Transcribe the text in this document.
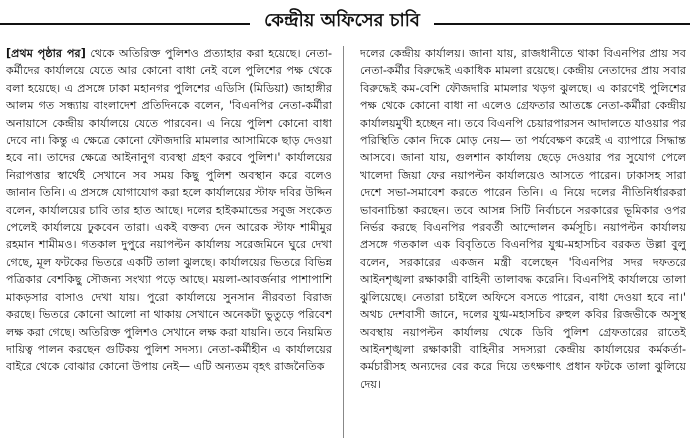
কেন্দ্রীয় অফিসের চাবি

[প্রথম পৃষ্ঠার পর] থেকে অতিরিক্ত পুলিশও প্রত্যাহার করা হয়েছে। নেতা-কর্মীদের কার্যালয়ে যেতে আর কোনো বাধা নেই বলে পুলিশের পক্ষ থেকে বলা হয়েছে। এ প্রসঙ্গে ঢাকা মহানগর পুলিশের এডিসি (মিডিয়া) জাহাঙ্গীর আলম গত সন্ধ্যায় বাংলাদেশ প্রতিদিনকে বলেন, 'বিএনপির নেতা-কর্মীরা অনায়াসে কেন্দ্রীয় কার্যালয়ে যেতে পারবেন। এ নিয়ে পুলিশ কোনো বাধা দেবে না। কিন্তু এ ক্ষেত্রে কোনো ফৌজদারি মামলার আসামিকে ছাড় দেওয়া হবে না। তাদের ক্ষেত্রে আইনানুগ ব্যবস্থা গ্রহণ করবে পুলিশ।' কার্যালয়ের নিরাপত্তার স্বার্থেই সেখানে সব সময় কিছু পুলিশ অবস্থান করে বলেও জানান তিনি। এ প্রসঙ্গে যোগাযোগ করা হলে কার্যালয়ের স্টাফ দবির উদ্দিন বলেন, কার্যালয়ের চাবি তার হাত আছে। দলের হাইকমান্ডের সবুজ সংকেত পেলেই কার্যালয়ে ঢুকবেন তারা। একই বক্তব্য দেন আরেক স্টাফ শামীমুর রহমান শামীমও। গতকাল দুপুরে নয়াপল্টন কার্যালয় সরেজমিনে ঘুরে দেখা গেছে, মূল ফটকের ভিতরে একটি তালা ঝুলছে। কার্যালয়ের ভিতরে বিভিন্ন পত্রিকার বেশকিছু সৌজন্য সংখ্যা পড়ে আছে। ময়লা-আবর্জনার পাশাপাশি মাকড়সার বাসাও দেখা যায়। পুরো কার্যালয়ে সুনসান নীরবতা বিরাজ করছে। ভিতরে কোনো আলো না থাকায় সেখানে অনেকটা ভুতুড়ে পরিবেশ লক্ষ করা গেছে। অতিরিক্ত পুলিশও সেখানে লক্ষ করা যায়নি। তবে নিয়মিত দায়িত্ব পালন করছেন গুটিকয় পুলিশ সদস্য। নেতা-কর্মীহীন এ কার্যালয়ের বাইরে থেকে বোঝার কোনো উপায় নেই— এটি অন্যতম বৃহৎ রাজনৈতিক

দলের কেন্দ্রীয় কার্যালয়। জানা যায়, রাজধানীতে থাকা বিএনপির প্রায় সব নেতা-কর্মীর বিরুদ্ধেই একাধিক মামলা রয়েছে। কেন্দ্রীয় নেতাদের প্রায় সবার বিরুদ্ধেই কম-বেশি ফৌজদারি মামলার খড়গ ঝুলছে। এ কারণেই পুলিশের পক্ষ থেকে কোনো বাধা না এলেও গ্রেফতার আতঙ্কে নেতা-কর্মীরা কেন্দ্রীয় কার্যালয়মুখী হচ্ছেন না। তবে বিএনপি চেয়ারপারসন আদালতে যাওয়ার পর পরিস্থিতি কোন দিকে মোড় নেয়— তা পর্যবেক্ষণ করেই এ ব্যাপারে সিদ্ধান্ত আসবে। জানা যায়, গুলশান কার্যালয় ছেড়ে দেওয়ার পর সুযোগ পেলে খালেদা জিয়া ফের নয়াপল্টন কার্যালয়েও আসতে পারেন। ঢাকাসহ সারা দেশে সভা-সমাবেশ করতে পারেন তিনি। এ নিয়ে দলের নীতিনির্ধারকরা ভাবনাচিন্তা করছেন। তবে আসন্ন সিটি নির্বাচনে সরকারের ভূমিকার ওপর নির্ভর করছে বিএনপির পরবর্তী আন্দোলন কর্মসূচি। নয়াপল্টন কার্যালয় প্রসঙ্গে গতকাল এক বিবৃতিতে বিএনপির যুগ্ম-মহাসচিব বরকত উল্লা বুলু বলেন, সরকারের একজন মন্ত্রী বলেছেন 'বিএনপির সদর দফতরে আইনশৃঙ্খলা রক্ষাকারী বাহিনী তালাবদ্ধ করেনি। বিএনপিই কার্যালয়ে তালা ঝুলিয়েছে। নেতারা চাইলে অফিসে বসতে পারেন, বাধা দেওয়া হবে না।' অথচ দেশবাসী জানে, দলের যুগ্ম-মহাসচিব রুহুল কবির রিজভীকে অসুস্থ অবস্থায় নয়াপল্টন কার্যালয় থেকে ডিবি পুলিশ গ্রেফতারের রাতেই আইনশৃঙ্খলা রক্ষাকারী বাহিনীর সদস্যরা কেন্দ্রীয় কার্যালয়ের কর্মকর্তা-কর্মচারীসহ অন্যদের বের করে দিয়ে তৎক্ষণাৎ প্রধান ফটকে তালা ঝুলিয়ে দেয়।
